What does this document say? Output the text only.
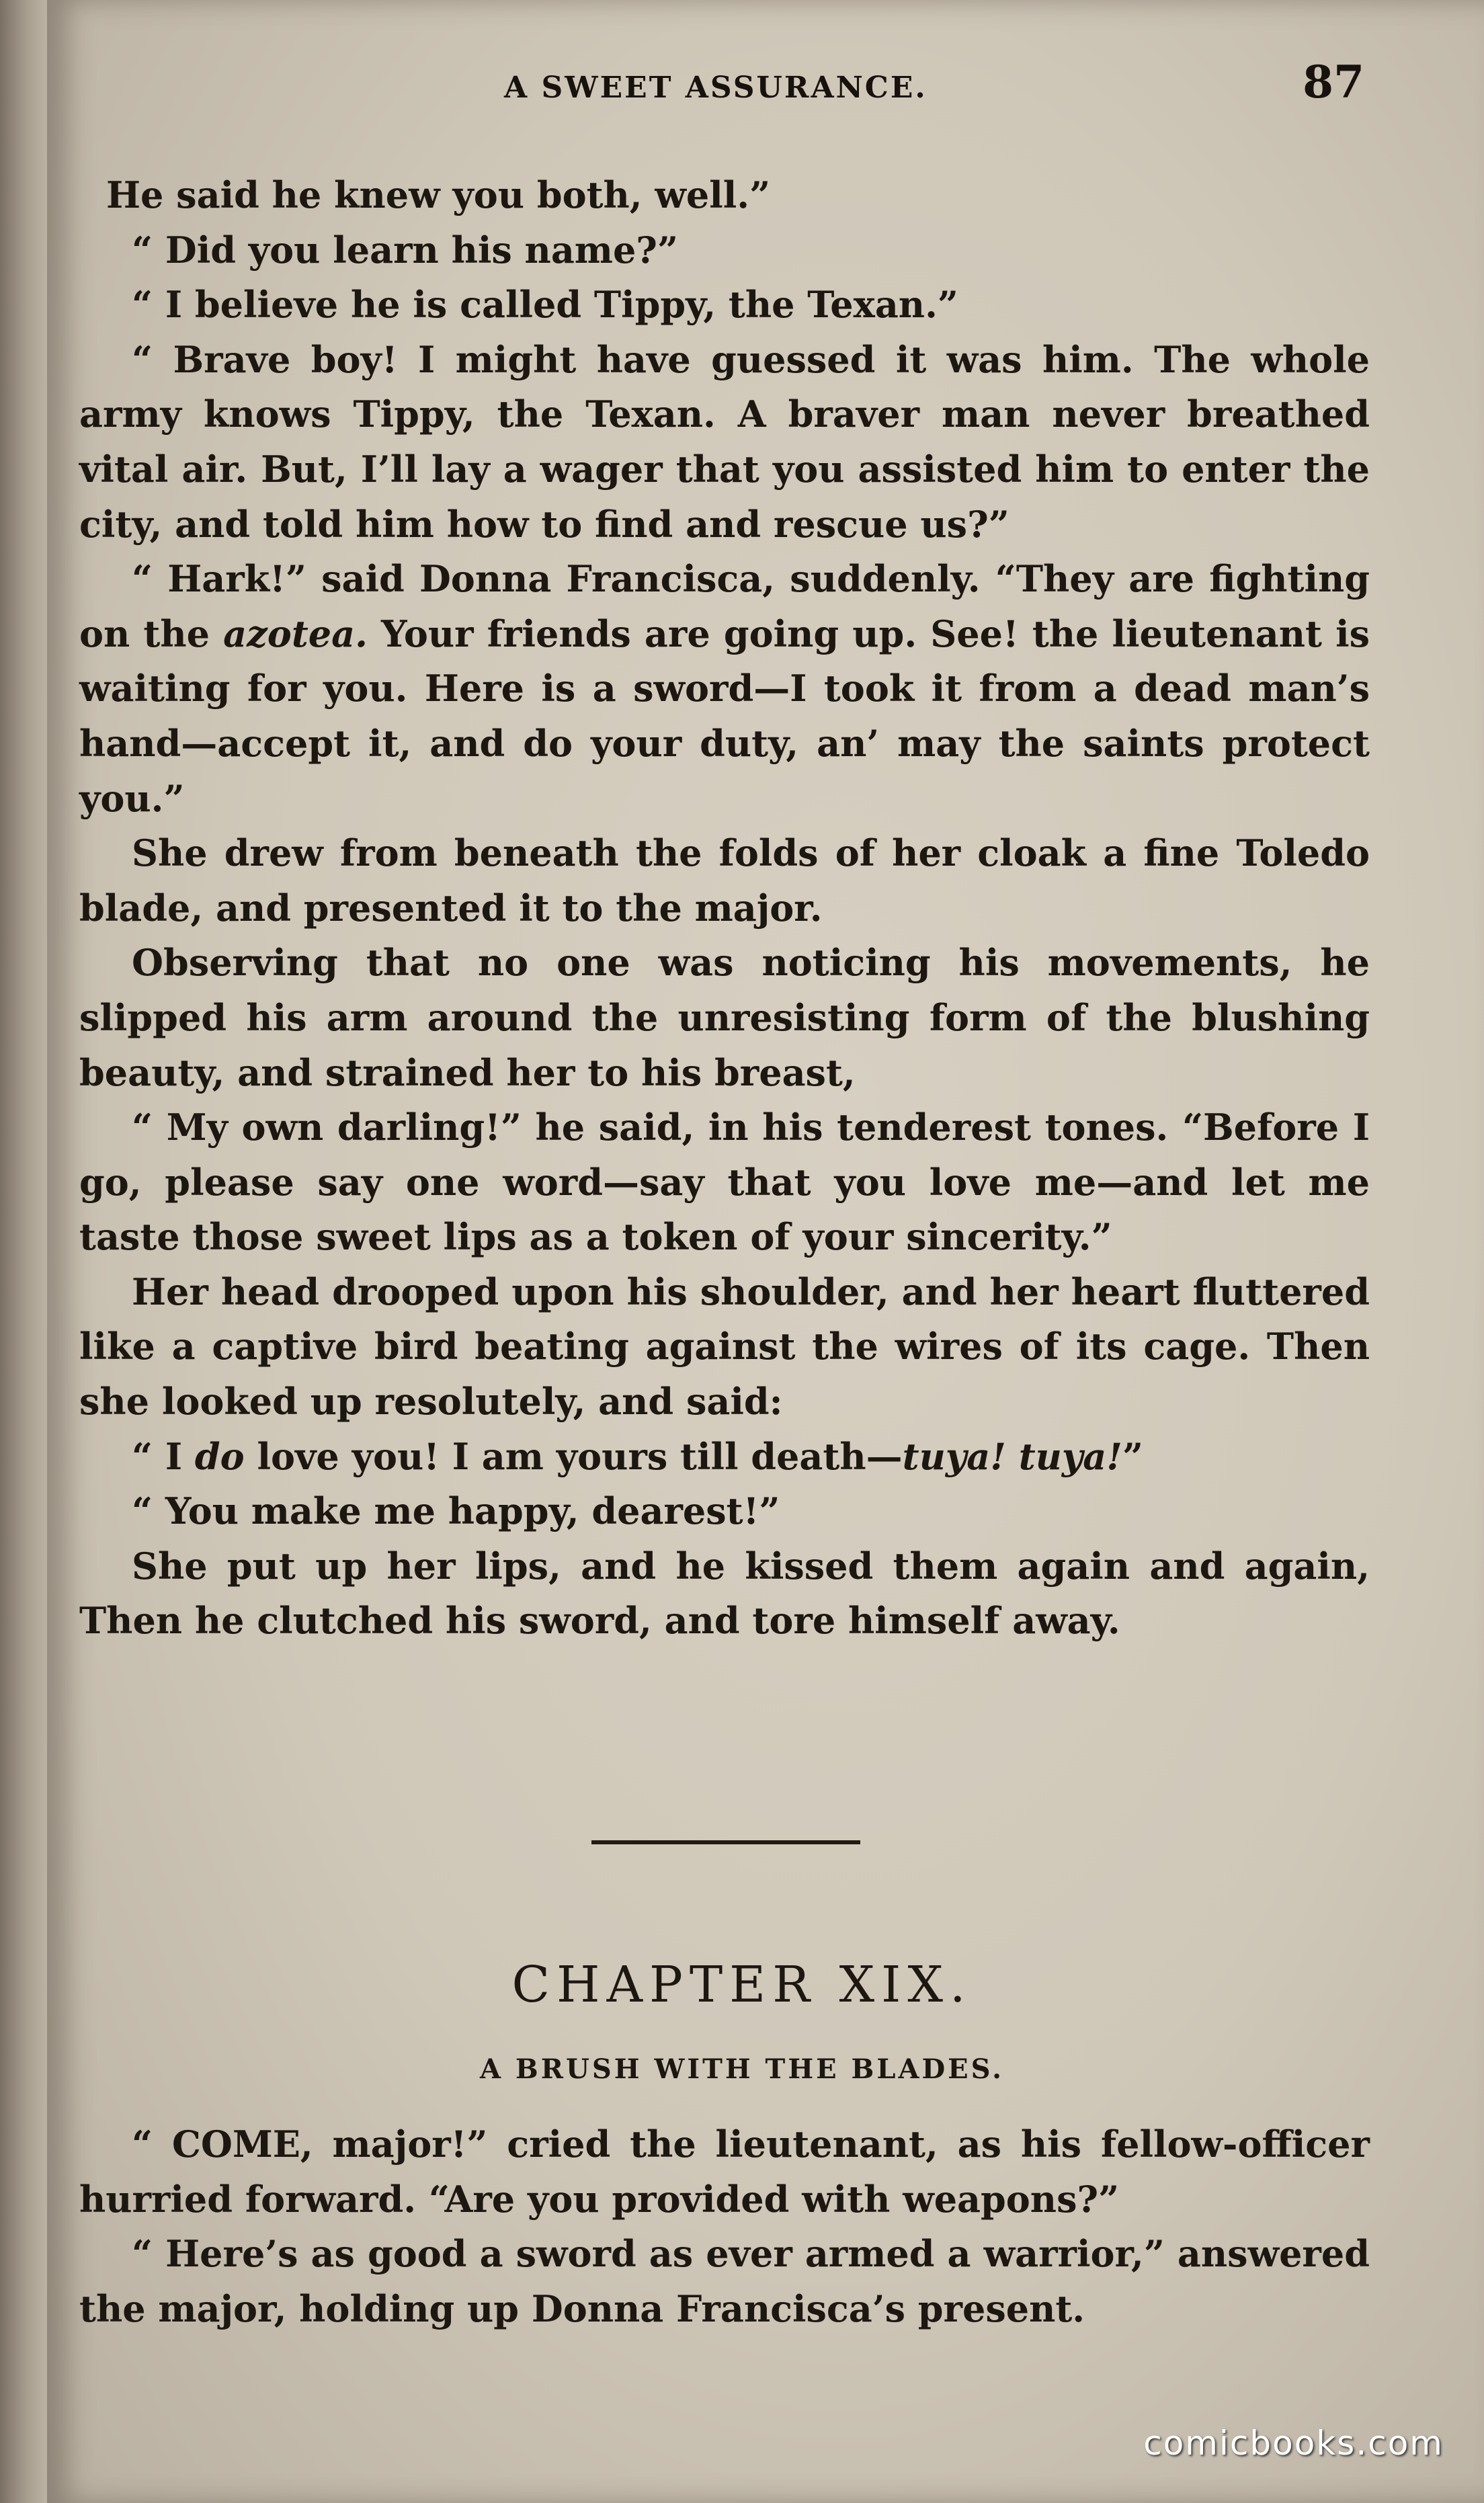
A SWEET ASSURANCE.	87

He said he knew you both, well.”

“ Did you learn his name?”

“ I believe he is called Tippy, the Texan.”

“ Brave boy! I might have guessed it was him. The whole army knows Tippy, the Texan. A braver man never breathed vital air. But, I’ll lay a wager that you assisted him to enter the city, and told him how to find and rescue us?”

“ Hark!” said Donna Francisca, suddenly. “They are fighting on the azotea. Your friends are going up. See! the lieutenant is waiting for you. Here is a sword—I took it from a dead man’s hand—accept it, and do your duty, an’ may the saints protect you.”

She drew from beneath the folds of her cloak a fine Toledo blade, and presented it to the major.

Observing that no one was noticing his movements, he slipped his arm around the unresisting form of the blushing beauty, and strained her to his breast,

“ My own darling!” he said, in his tenderest tones. “Before I go, please say one word—say that you love me—and let me taste those sweet lips as a token of your sincerity.”

Her head drooped upon his shoulder, and her heart fluttered like a captive bird beating against the wires of its cage. Then she looked up resolutely, and said:

“ I do love you! I am yours till death—tuya! tuya!”

“ You make me happy, dearest!”

She put up her lips, and he kissed them again and again, Then he clutched his sword, and tore himself away.

CHAPTER XIX.
A BRUSH WITH THE BLADES.

“ COME, major!” cried the lieutenant, as his fellow-officer hurried forward. “Are you provided with weapons?”

“ Here’s as good a sword as ever armed a warrior,” answered the major, holding up Donna Francisca’s present.

comicbooks.com
